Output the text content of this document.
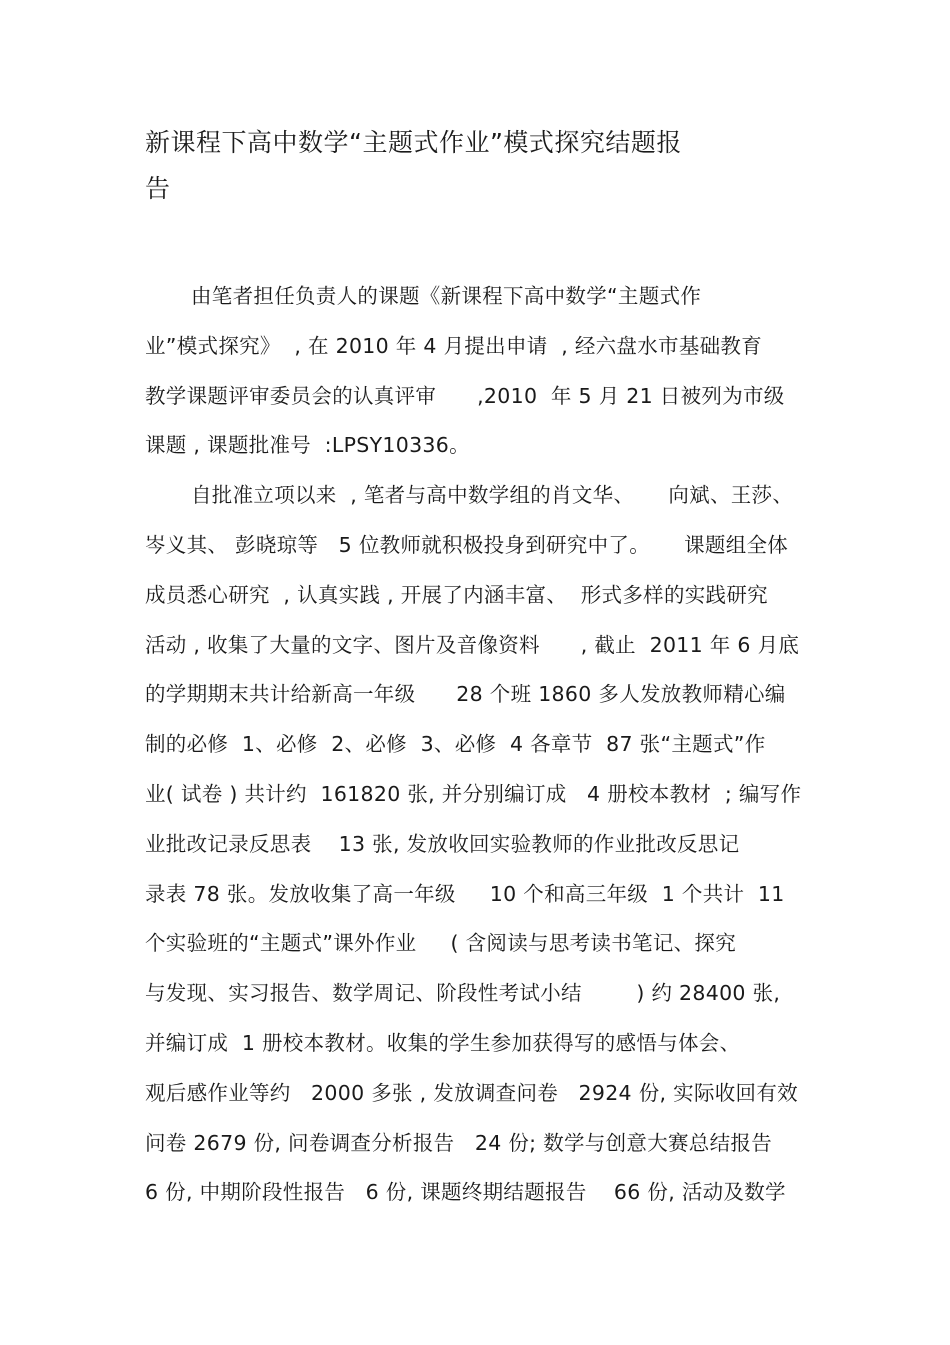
新课程下高中数学“主题式作业”模式探究结题报
告
由笔者担任负责人的课题《新课程下高中数学“主题式作
业”模式探究》  , 在 2010 年 4 月提出申请  , 经六盘水市基础教育
教学课题评审委员会的认真评审      ,2010  年 5 月 21 日被列为市级
课题 , 课题批准号  :LPSY10336。
自批准立项以来  , 笔者与高中数学组的肖文华、     向斌、王莎、
岑义其、 彭晓琼等   5 位教师就积极投身到研究中了。     课题组全体
成员悉心研究  , 认真实践 , 开展了内涵丰富、  形式多样的实践研究
活动 , 收集了大量的文字、图片及音像资料      , 截止  2011 年 6 月底
的学期期末共计给新高一年级      28 个班 1860 多人发放教师精心编
制的必修  1、必修  2、必修  3、必修  4 各章节  87 张“主题式”作
业( 试卷 ) 共计约  161820 张, 并分别编订成   4 册校本教材  ; 编写作
业批改记录反思表    13 张, 发放收回实验教师的作业批改反思记
录表 78 张。发放收集了高一年级     10 个和高三年级  1 个共计  11
个实验班的“主题式”课外作业     ( 含阅读与思考读书笔记、探究
与发现、实习报告、数学周记、阶段性考试小结        ) 约 28400 张,
并编订成  1 册校本教材。收集的学生参加获得写的感悟与体会、
观后感作业等约   2000 多张 , 发放调查问卷   2924 份, 实际收回有效
问卷 2679 份, 问卷调查分析报告   24 份; 数学与创意大赛总结报告
6 份, 中期阶段性报告   6 份, 课题终期结题报告    66 份, 活动及数学
